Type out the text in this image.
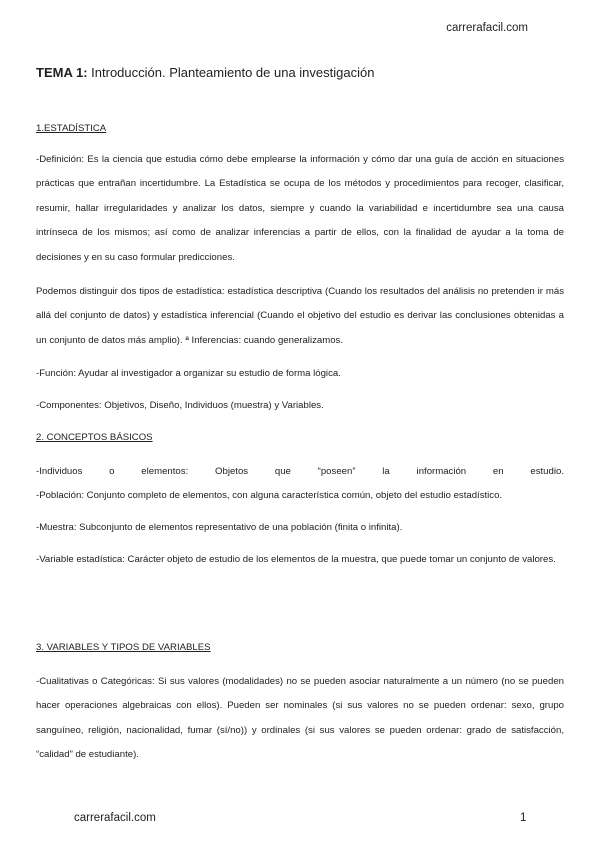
carrerafacil.com
TEMA 1: Introducción. Planteamiento de una investigación
1.ESTADÍSTICA

-Definición: Es la ciencia que estudia cómo debe emplearse la información y cómo dar una guía de acción en situaciones prácticas que entrañan incertidumbre. La Estadística se ocupa de los métodos y procedimientos para recoger, clasificar, resumir, hallar irregularidades y analizar los datos, siempre y cuando la variabilidad e incertidumbre sea una causa intrínseca de los mismos; así como de analizar inferencias a partir de ellos, con la finalidad de ayudar a la toma de decisiones y en su caso formular predicciones.

Podemos distinguir dos tipos de estadística: estadística descriptiva (Cuando los resultados del análisis no pretenden ir más allá del conjunto de datos) y estadística inferencial (Cuando el objetivo del estudio es derivar las conclusiones obtenidas a un conjunto de datos más amplio). ª Inferencias: cuando generalizamos.

-Función: Ayudar al investigador a organizar su estudio de forma lógica.

-Componentes: Objetivos, Diseño, Individuos (muestra) y Variables.

2. CONCEPTOS BÁSICOS

-Individuos o elementos: Objetos que “poseen” la información en estudio.

-Población: Conjunto completo de elementos, con alguna característica común, objeto del estudio estadístico.

-Muestra: Subconjunto de elementos representativo de una población (finita o infinita).

-Variable estadística: Carácter objeto de estudio de los elementos de la muestra, que puede tomar un conjunto de valores.

3. VARIABLES Y TIPOS DE VARIABLES

-Cualitativas o Categóricas: Si sus valores (modalidades) no se pueden asociar naturalmente a un número (no se pueden hacer operaciones algebraicas con ellos). Pueden ser nominales (si sus valores no se pueden ordenar: sexo, grupo sanguíneo, religión, nacionalidad, fumar (sí/no)) y ordinales (si sus valores se pueden ordenar: grado de satisfacción, “calidad” de estudiante).

carrerafacil.com	1
